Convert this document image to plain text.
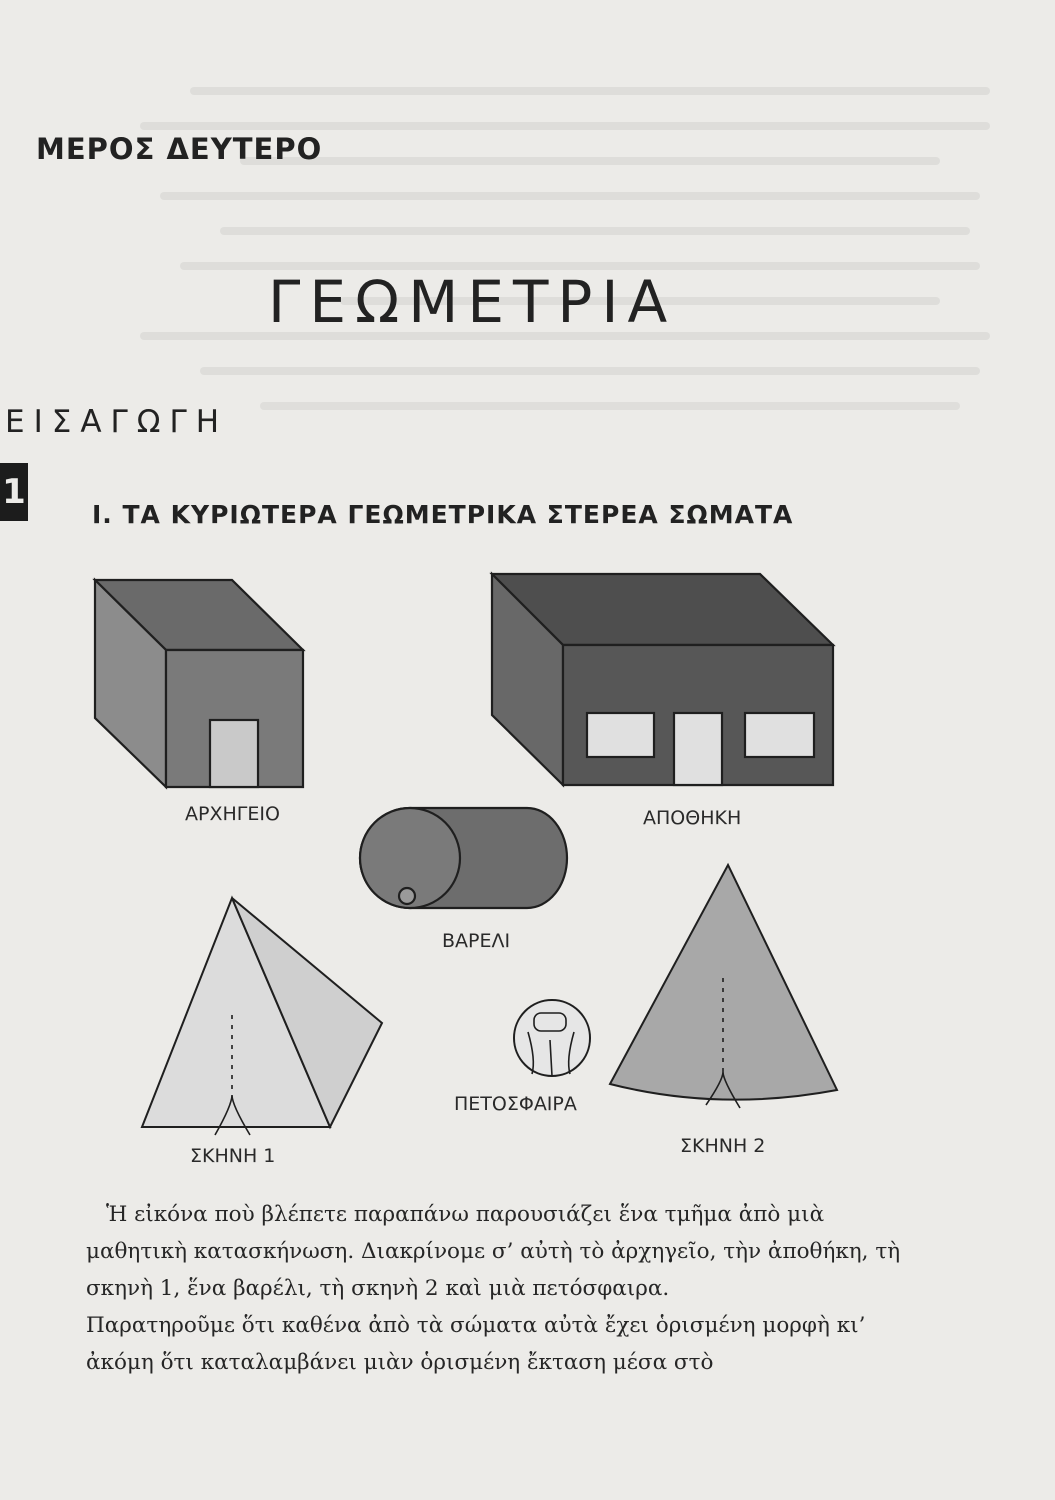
ΜΕΡΟΣ ΔΕΥΤΕΡΟ
ΓΕΩΜΕΤΡΙΑ
ΕΙΣΑΓΩΓΗ
1
Ι. ΤΑ ΚΥΡΙΩΤΕΡΑ ΓΕΩΜΕΤΡΙΚΑ ΣΤΕΡΕΑ ΣΩΜΑΤΑ
ΑΡΧΗΓΕΙΟ	ΑΠΟΘΗΚΗ
ΒΑΡΕΛΙ
ΣΚΗΝΗ 1
ΠΕΤΟΣΦΑΙΡΑ
ΣΚΗΝΗ 2

Ἡ εἰκόνα ποὺ βλέπετε παραπάνω παρουσιάζει ἕνα τμῆμα ἀπὸ μιὰ μαθητικὴ κατασκήνωση. Διακρίνομε σ’ αὐτὴ τὸ ἀρχηγεῖο, τὴν ἀποθήκη, τὴ σκηνὴ 1, ἕνα βαρέλι, τὴ σκηνὴ 2 καὶ μιὰ πετόσφαιρα.

Παρατηροῦμε ὅτι καθένα ἀπὸ τὰ σώματα αὐτὰ ἔχει ὁρισμένη μορφὴ κι’ ἀκόμη ὅτι καταλαμβάνει μιὰν ὁρισμένη ἔκταση μέσα στὸ
